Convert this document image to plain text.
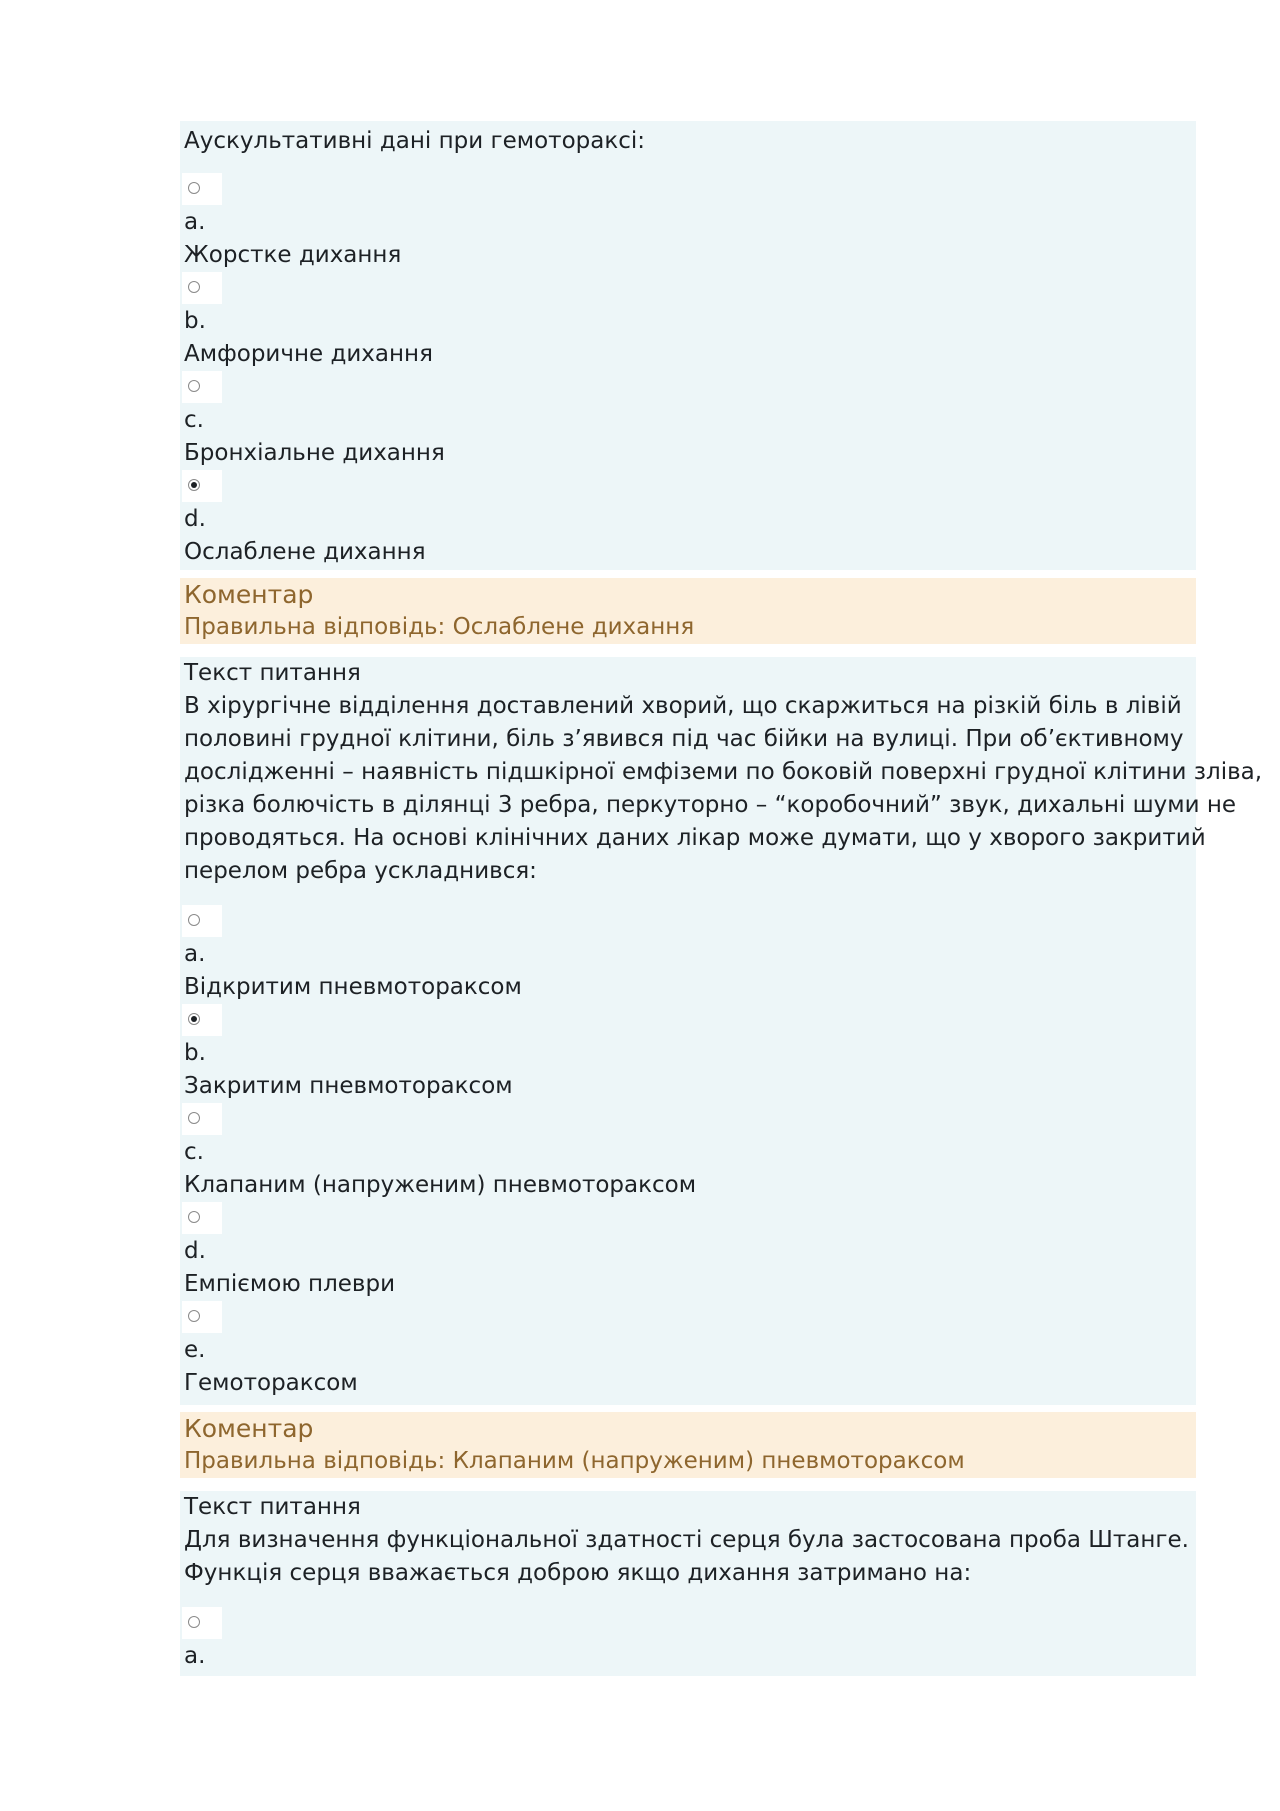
Аускультативні дані при гемотораксі:
a.
Жорстке дихання
b.
Амфоричне дихання
c.
Бронхіальне дихання
d.
Ослаблене дихання
Коментар
Правильна відповідь: Ослаблене дихання
Текст питання
В хірургічне відділення доставлений хворий, що скаржиться на різкій біль в лівій
половині грудної клітини, біль з’явився під час бійки на вулиці. При об’єктивному
дослідженні – наявність підшкірної емфіземи по боковій поверхні грудної клітини зліва,
різка болючість в ділянці 3 ребра, перкуторно – “коробочний” звук, дихальні шуми не
проводяться. На основі клінічних даних лікар може думати, що у хворого закритий
перелом ребра ускладнився:
a.
Відкритим пневмотораксом
b.
Закритим пневмотораксом
c.
Клапаним (напруженим) пневмотораксом
d.
Емпіємою плеври
e.
Гемотораксом
Коментар
Правильна відповідь: Клапаним (напруженим) пневмотораксом
Текст питання
Для визначення функціональної здатності серця була застосована проба Штанге.
Функція серця вважається доброю якщо дихання затримано на:
a.
